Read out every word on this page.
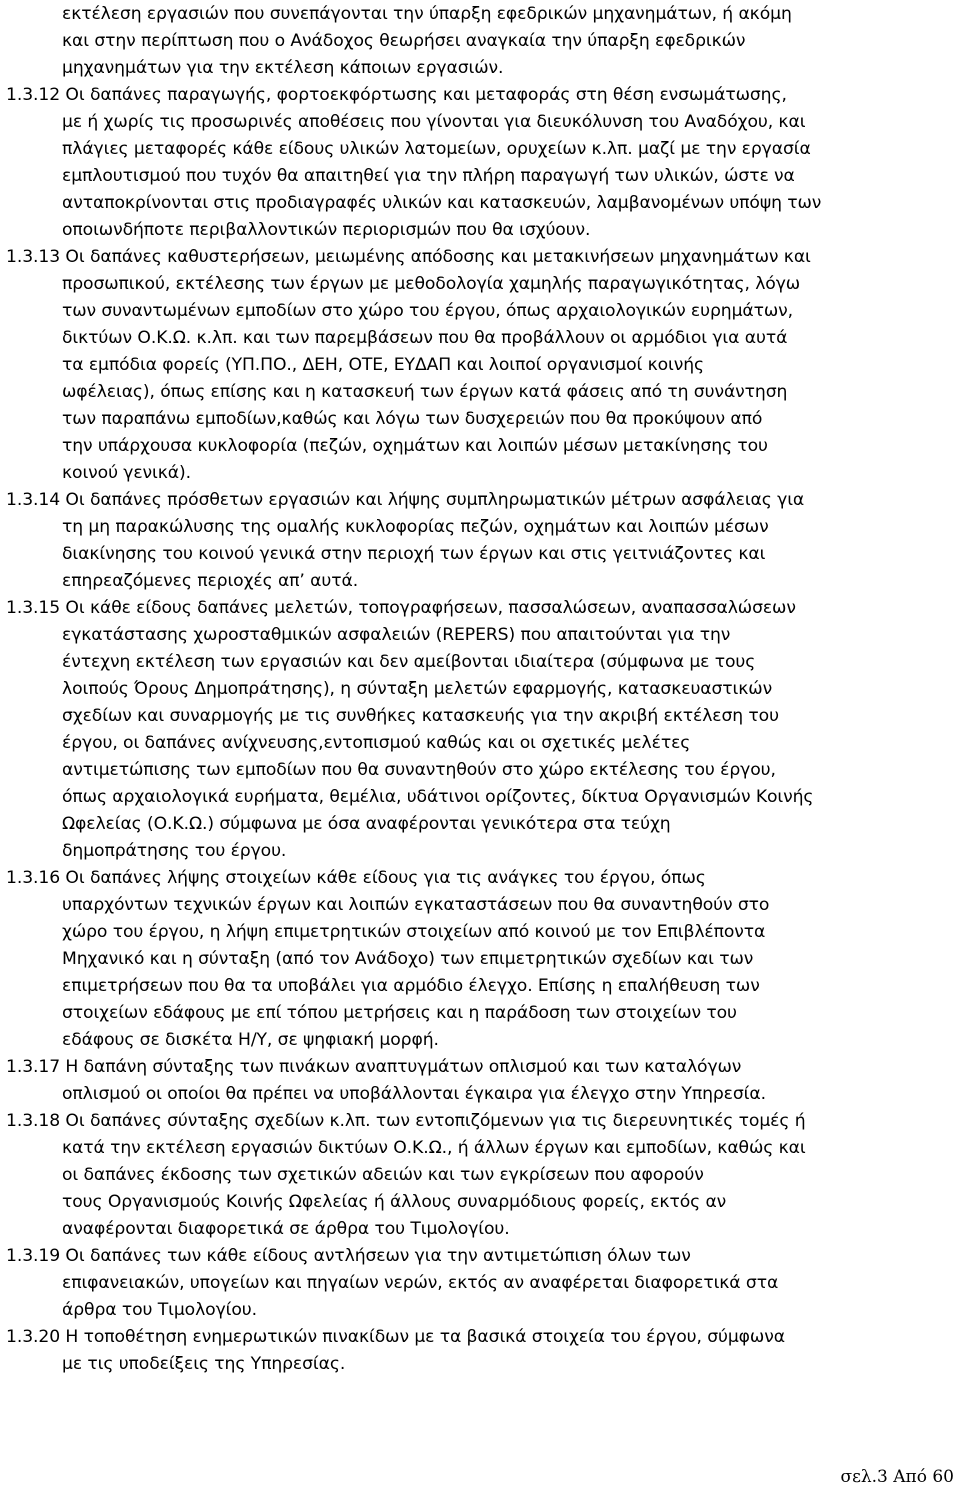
εκτέλεση εργασιών που συνεπάγονται την ύπαρξη εφεδρικών μηχανημάτων, ή ακόμη
και στην περίπτωση που ο Ανάδοχος θεωρήσει αναγκαία την ύπαρξη εφεδρικών
μηχανημάτων για την εκτέλεση κάποιων εργασιών.
1.3.12 Οι δαπάνες παραγωγής, φορτοεκφόρτωσης και μεταφοράς στη θέση ενσωμάτωσης,
με ή χωρίς τις προσωρινές αποθέσεις που γίνονται για διευκόλυνση του Αναδόχου, και
πλάγιες μεταφορές κάθε είδους υλικών λατομείων, ορυχείων κ.λπ. μαζί με την εργασία
εμπλουτισμού που τυχόν θα απαιτηθεί για την πλήρη παραγωγή των υλικών, ώστε να
ανταποκρίνονται στις προδιαγραφές υλικών και κατασκευών, λαμβανομένων υπόψη των
οποιωνδήποτε περιβαλλοντικών περιορισμών που θα ισχύουν.
1.3.13 Οι δαπάνες καθυστερήσεων, μειωμένης απόδοσης και μετακινήσεων μηχανημάτων και
προσωπικού, εκτέλεσης των έργων με μεθοδολογία χαμηλής παραγωγικότητας, λόγω
των συναντωμένων εμποδίων στο χώρο του έργου, όπως αρχαιολογικών ευρημάτων,
δικτύων Ο.Κ.Ω. κ.λπ. και των παρεμβάσεων που θα προβάλλουν οι αρμόδιοι για αυτά
τα εμπόδια φορείς (ΥΠ.ΠΟ., ΔΕΗ, ΟΤΕ, ΕΥΔΑΠ και λοιποί οργανισμοί κοινής
ωφέλειας), όπως επίσης και η κατασκευή των έργων κατά φάσεις από τη συνάντηση
των παραπάνω εμποδίων,καθώς και λόγω των δυσχερειών που θα προκύψουν από
την υπάρχουσα κυκλοφορία (πεζών, οχημάτων και λοιπών μέσων μετακίνησης του
κοινού γενικά).
1.3.14 Οι δαπάνες πρόσθετων εργασιών και λήψης συμπληρωματικών μέτρων ασφάλειας για
τη μη παρακώλυσης της ομαλής κυκλοφορίας πεζών, οχημάτων και λοιπών μέσων
διακίνησης του κοινού γενικά στην περιοχή των έργων και στις γειτνιάζοντες και
επηρεαζόμενες περιοχές απ’ αυτά.
1.3.15 Οι κάθε είδους δαπάνες μελετών, τοπογραφήσεων, πασσαλώσεων, αναπασσαλώσεων
εγκατάστασης χωροσταθμικών ασφαλειών (REPERS) που απαιτούνται για την
έντεχνη εκτέλεση των εργασιών και δεν αμείβονται ιδιαίτερα (σύμφωνα με τους
λοιπούς Όρους Δημοπράτησης), η σύνταξη μελετών εφαρμογής, κατασκευαστικών
σχεδίων και συναρμογής με τις συνθήκες κατασκευής για την ακριβή εκτέλεση του
έργου, οι δαπάνες ανίχνευσης,εντοπισμού καθώς και οι σχετικές μελέτες
αντιμετώπισης των εμποδίων που θα συναντηθούν στο χώρο εκτέλεσης του έργου,
όπως αρχαιολογικά ευρήματα, θεμέλια, υδάτινοι ορίζοντες, δίκτυα Οργανισμών Κοινής
Ωφελείας (Ο.Κ.Ω.) σύμφωνα με όσα αναφέρονται γενικότερα στα τεύχη
δημοπράτησης του έργου.
1.3.16 Οι δαπάνες λήψης στοιχείων κάθε είδους για τις ανάγκες του έργου, όπως
υπαρχόντων τεχνικών έργων και λοιπών εγκαταστάσεων που θα συναντηθούν στο
χώρο του έργου, η λήψη επιμετρητικών στοιχείων από κοινού με τον Επιβλέποντα
Μηχανικό και η σύνταξη (από τον Ανάδοχο) των επιμετρητικών σχεδίων και των
επιμετρήσεων που θα τα υποβάλει για αρμόδιο έλεγχο. Επίσης η επαλήθευση των
στοιχείων εδάφους με επί τόπου μετρήσεις και η παράδοση των στοιχείων του
εδάφους σε δισκέτα Η/Υ, σε ψηφιακή μορφή.
1.3.17 Η δαπάνη σύνταξης των πινάκων αναπτυγμάτων οπλισμού και των καταλόγων
οπλισμού οι οποίοι θα πρέπει να υποβάλλονται έγκαιρα για έλεγχο στην Υπηρεσία.
1.3.18 Οι δαπάνες σύνταξης σχεδίων κ.λπ. των εντοπιζόμενων για τις διερευνητικές τομές ή
κατά την εκτέλεση εργασιών δικτύων Ο.Κ.Ω., ή άλλων έργων και εμποδίων, καθώς και
οι δαπάνες έκδοσης των σχετικών αδειών και των εγκρίσεων που αφορούν
τους Οργανισμούς Κοινής Ωφελείας ή άλλους συναρμόδιους φορείς, εκτός αν
αναφέρονται διαφορετικά σε άρθρα του Τιμολογίου.
1.3.19 Οι δαπάνες των κάθε είδους αντλήσεων για την αντιμετώπιση όλων των
επιφανειακών, υπογείων και πηγαίων νερών, εκτός αν αναφέρεται διαφορετικά στα
άρθρα του Τιμολογίου.
1.3.20 Η τοποθέτηση ενημερωτικών πινακίδων με τα βασικά στοιχεία του έργου, σύμφωνα
με τις υποδείξεις της Υπηρεσίας.
σελ.3 Από 60
